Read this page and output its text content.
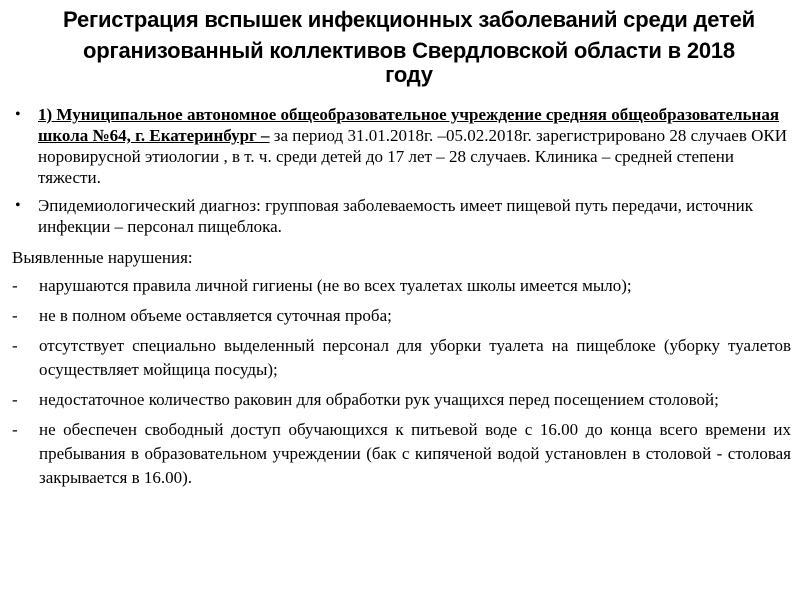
Регистрация вспышек инфекционных заболеваний среди детей
организованный коллективов Свердловской области в 2018
году
• 1) Муниципальное автономное общеобразовательное учреждение средняя общеобразовательная школа №64, г. Екатеринбург – за период 31.01.2018г. –05.02.2018г. зарегистрировано 28 случаев ОКИ норовирусной этиологии , в т. ч. среди детей до 17 лет – 28 случаев. Клиника – средней степени тяжести.
• Эпидемиологический диагноз: групповая заболеваемость имеет пищевой путь передачи, источник инфекции – персонал пищеблока.

Выявленные нарушения:

- нарушаются правила личной гигиены (не во всех туалетах школы имеется мыло);
- не в полном объеме оставляется суточная проба;
- отсутствует специально выделенный персонал для уборки туалета на пищеблоке (уборку туалетов осуществляет мойщица посуды);
- недостаточное количество раковин для обработки рук учащихся перед посещением столовой;
- не обеспечен свободный доступ обучающихся к питьевой воде с 16.00 до конца всего времени их пребывания в образовательном учреждении (бак с кипяченой водой установлен в столовой - столовая закрывается в 16.00).
